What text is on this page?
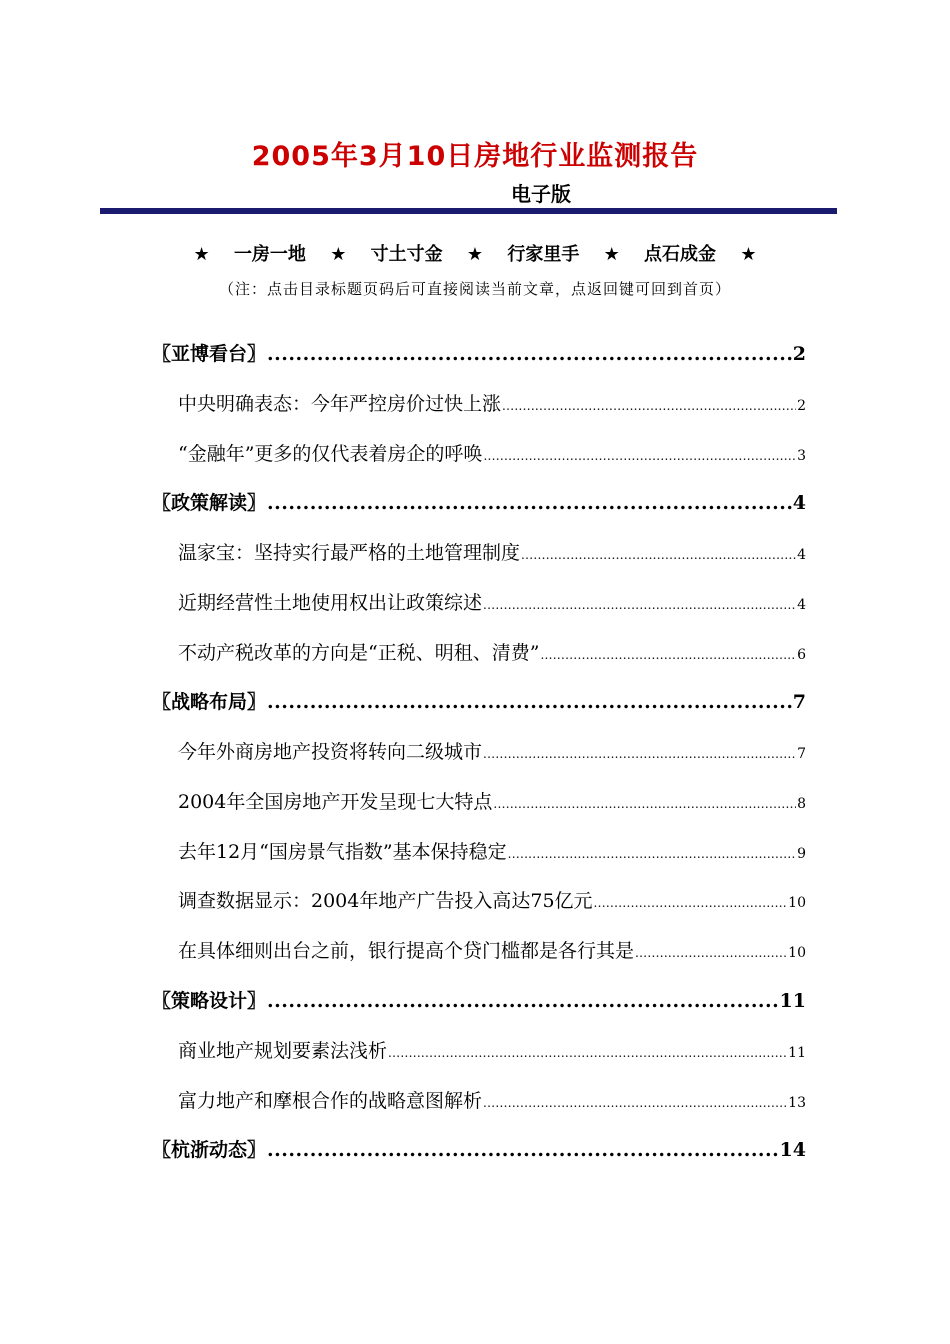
2005年3月10日房地行业监测报告
电子版
★ 一房一地 ★ 寸土寸金 ★ 行家里手 ★ 点石成金 ★
（注：点击目录标题页码后可直接阅读当前文章，点返回键可回到首页）
〖亚博看台〗 .....	2
中央明确表态：今年严控房价过快上涨 .....	2
“金融年”更多的仅代表着房企的呼唤 .....	3
〖政策解读〗 .....	4
温家宝：坚持实行最严格的土地管理制度 .....	4
近期经营性土地使用权出让政策综述 .....	4
不动产税改革的方向是“正税、明租、清费” .....	6
〖战略布局〗 .....	7
今年外商房地产投资将转向二级城市 .....	7
2004年全国房地产开发呈现七大特点 .....	8
去年12月“国房景气指数”基本保持稳定 .....	9
调查数据显示：2004年地产广告投入高达75亿元 .....	10
在具体细则出台之前，银行提高个贷门槛都是各行其是 .....	10
〖策略设计〗 .....	11
商业地产规划要素法浅析 .....	11
富力地产和摩根合作的战略意图解析 .....	13
〖杭浙动态〗 .....	14
